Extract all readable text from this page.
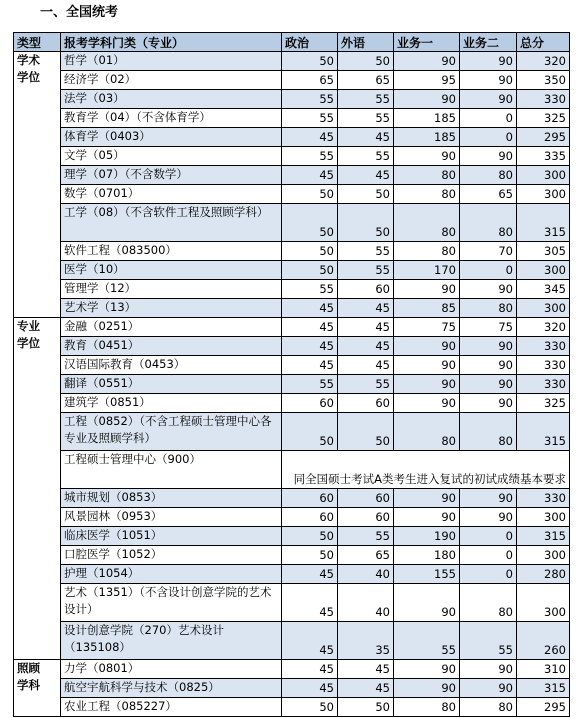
一、全国统考
类型	报考学科门类（专业）	政治	外语	业务一	业务二	总分
学术
学位	哲学（01）	50	50	90	90	320
	经济学（02）	65	65	95	90	350
	法学（03）	55	55	90	90	330
	教育学（04）（不含体育学）	55	55	185	0	325
	体育学（0403）	45	45	185	0	295
	文学（05）	55	55	90	90	335
	理学（07）（不含数学）	45	45	80	80	300
	数学（0701）	50	50	80	65	300
	工学（08）（不含软件工程及照顾学科）	50	50	80	80	315
	软件工程（083500）	50	55	80	70	305
	医学（10）	50	55	170	0	300
	管理学（12）	55	60	90	90	345
	艺术学（13）	45	45	85	80	300
专业
学位	金融（0251）	45	45	75	75	320
	教育（0451）	45	45	90	90	330
	汉语国际教育（0453）	45	45	90	90	330
	翻译（0551）	55	55	90	90	330
	建筑学（0851）	60	60	90	90	325
	工程（0852）（不含工程硕士管理中心各专业及照顾学科）	50	50	80	80	315
	工程硕士管理中心（900）	同全国硕士考试A类考生进入复试的初试成绩基本要求				
	城市规划（0853）	60	60	90	90	330
	风景园林（0953）	60	60	90	90	300
	临床医学（1051）	50	55	190	0	315
	口腔医学（1052）	50	65	180	0	300
	护理（1054）	45	40	155	0	280
	艺术（1351）（不含设计创意学院的艺术设计）	45	40	90	80	300
	设计创意学院（270）艺术设计（135108）	45	35	55	55	260
照顾
学科	力学（0801）	45	45	90	90	310
	航空宇航科学与技术（0825）	45	45	90	90	315
	农业工程（085227）	50	50	80	80	295
